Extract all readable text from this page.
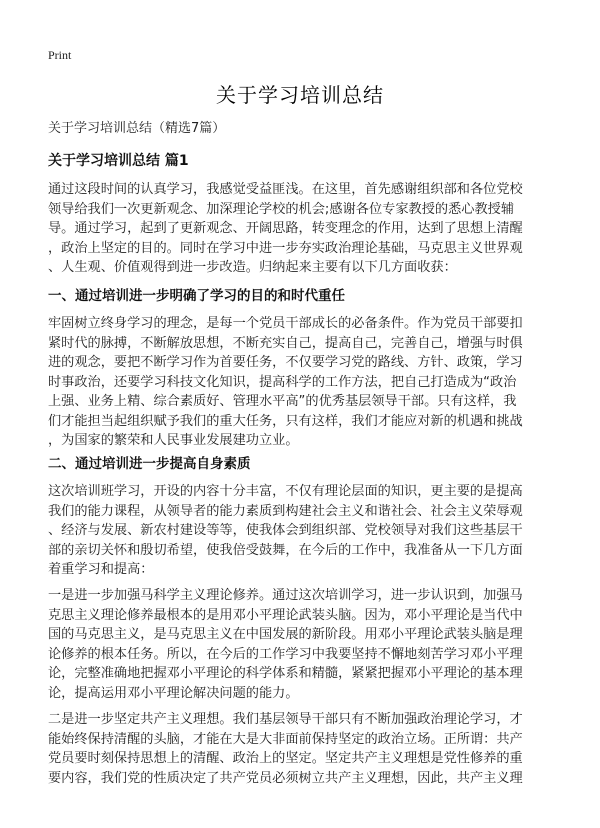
Print
关于学习培训总结
关于学习培训总结（精选7篇）
关于学习培训总结 篇1
通过这段时间的认真学习，我感觉受益匪浅。在这里，首先感谢组织部和各位党校
领导给我们一次更新观念、加深理论学校的机会;感谢各位专家教授的悉心教授辅
导。通过学习，起到了更新观念、开阔思路，转变理念的作用，达到了思想上清醒
，政治上坚定的目的。同时在学习中进一步夯实政治理论基础，马克思主义世界观
、人生观、价值观得到进一步改造。归纳起来主要有以下几方面收获：
一、通过培训进一步明确了学习的目的和时代重任
牢固树立终身学习的理念，是每一个党员干部成长的必备条件。作为党员干部要扣
紧时代的脉搏，不断解放思想，不断充实自己，提高自己，完善自己，增强与时俱
进的观念，要把不断学习作为首要任务，不仅要学习党的路线、方针、政策，学习
时事政治，还要学习科技文化知识，提高科学的工作方法，把自己打造成为“政治
上强、业务上精、综合素质好、管理水平高”的优秀基层领导干部。只有这样，我
们才能担当起组织赋予我们的重大任务，只有这样，我们才能应对新的机遇和挑战
，为国家的繁荣和人民事业发展建功立业。
二、通过培训进一步提高自身素质
这次培训班学习，开设的内容十分丰富，不仅有理论层面的知识，更主要的是提高
我们的能力课程，从领导者的能力素质到构建社会主义和谐社会、社会主义荣辱观
、经济与发展、新农村建设等等，使我体会到组织部、党校领导对我们这些基层干
部的亲切关怀和殷切希望，使我倍受鼓舞，在今后的工作中，我准备从一下几方面
着重学习和提高：
一是进一步加强马科学主义理论修养。通过这次培训学习，进一步认识到，加强马
克思主义理论修养最根本的是用邓小平理论武装头脑。因为，邓小平理论是当代中
国的马克思主义，是马克思主义在中国发展的新阶段。用邓小平理论武装头脑是理
论修养的根本任务。所以，在今后的工作学习中我要坚持不懈地刻苦学习邓小平理
论，完整准确地把握邓小平理论的科学体系和精髓，紧紧把握邓小平理论的基本理
论，提高运用邓小平理论解决问题的能力。
二是进一步坚定共产主义理想。我们基层领导干部只有不断加强政治理论学习，才
能始终保持清醒的头脑，才能在大是大非面前保持坚定的政治立场。正所谓：共产
党员要时刻保持思想上的清醒、政治上的坚定。坚定共产主义理想是党性修养的重
要内容，我们党的性质决定了共产党员必须树立共产主义理想，因此，共产主义理
